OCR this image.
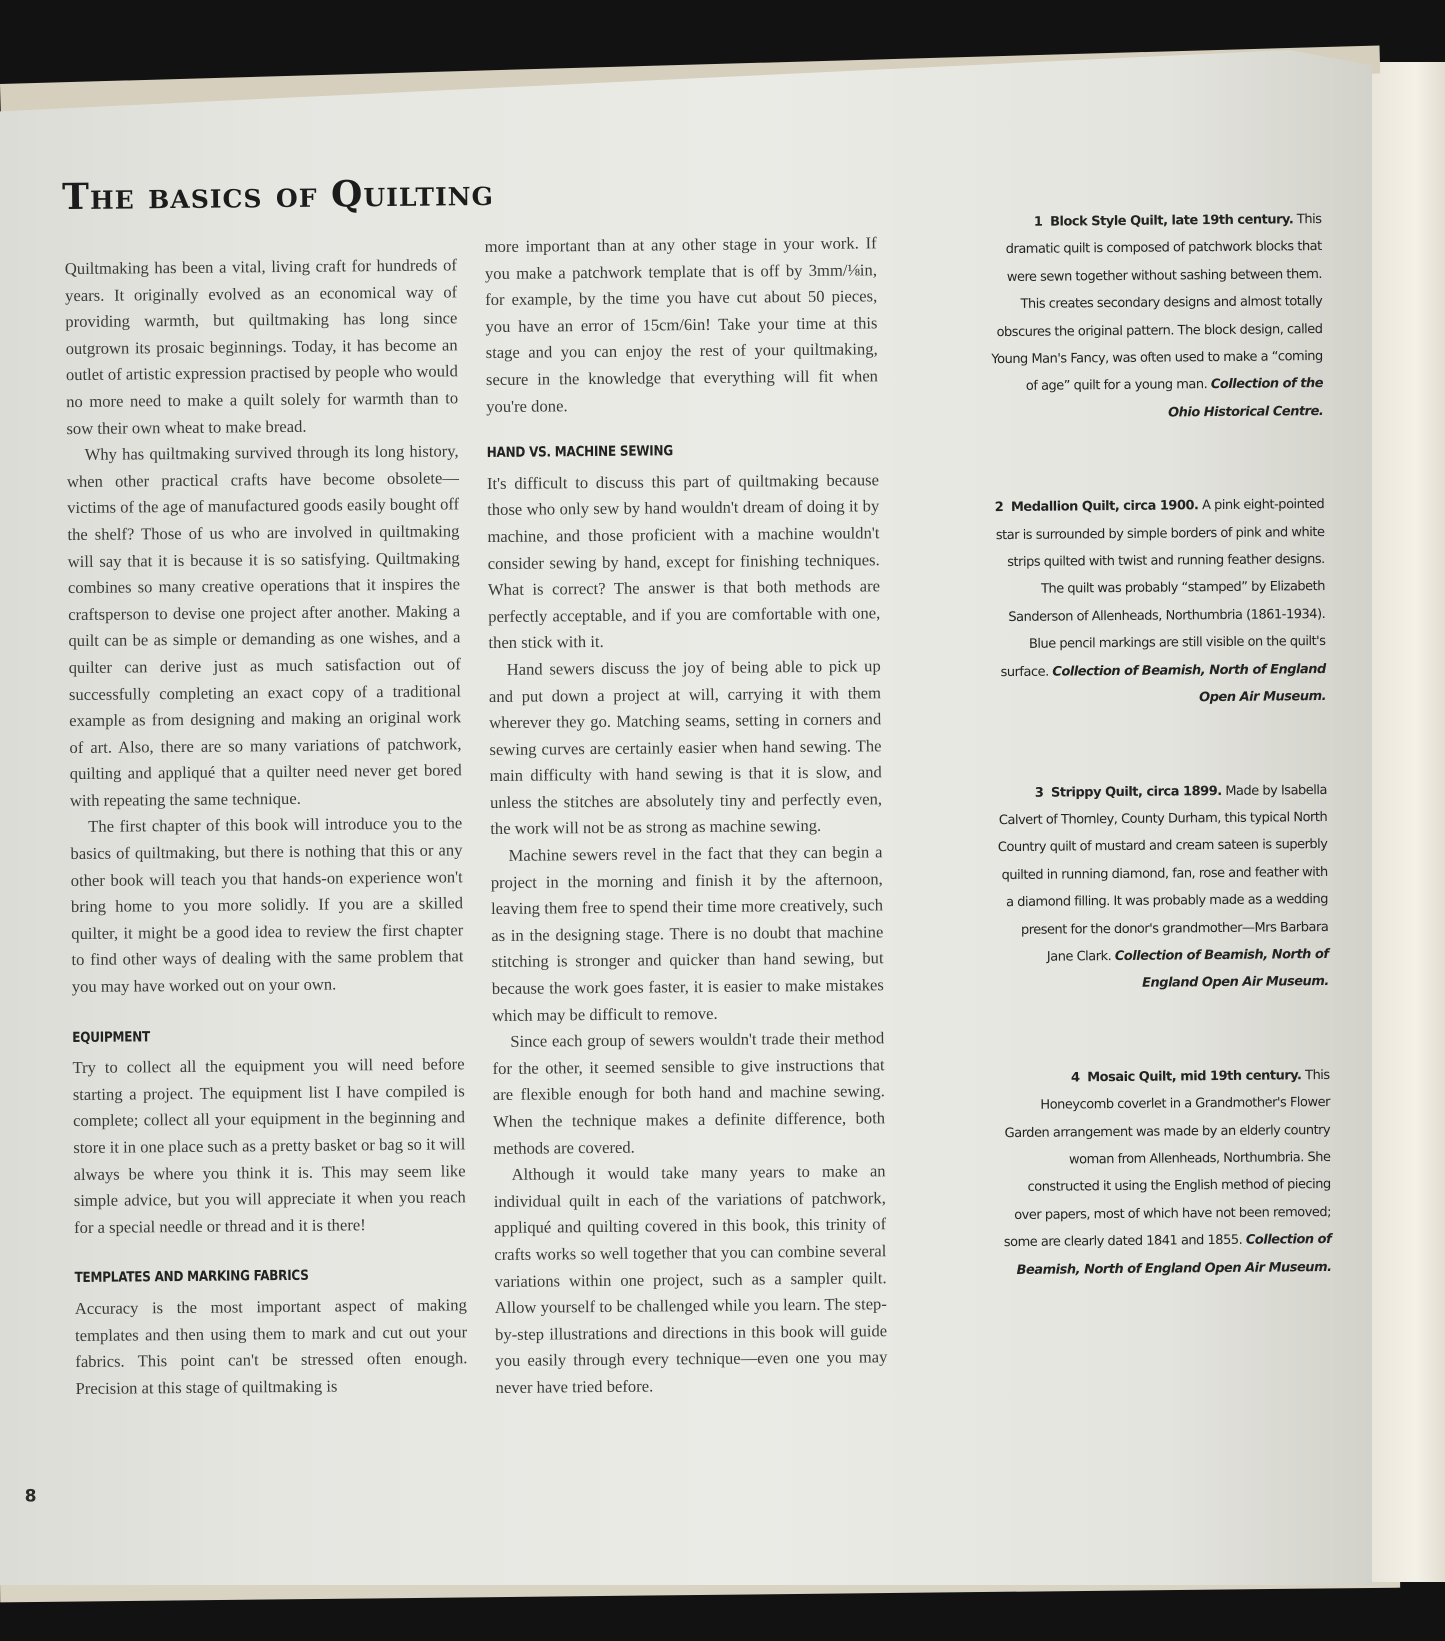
The basics of Quilting

Quiltmaking has been a vital, living craft for hundreds of years. It originally evolved as an economical way of providing warmth, but quiltmaking has long since outgrown its prosaic beginnings. Today, it has become an outlet of artistic expression practised by people who would no more need to make a quilt solely for warmth than to sow their own wheat to make bread.

Why has quiltmaking survived through its long history, when other practical crafts have become obsolete—victims of the age of manufactured goods easily bought off the shelf? Those of us who are involved in quiltmaking will say that it is because it is so satisfying. Quiltmaking combines so many creative operations that it inspires the craftsperson to devise one project after another. Making a quilt can be as simple or demanding as one wishes, and a quilter can derive just as much satisfaction out of successfully completing an exact copy of a traditional example as from designing and making an original work of art. Also, there are so many variations of patchwork, quilting and appliqué that a quilter need never get bored with repeating the same technique.

The first chapter of this book will introduce you to the basics of quiltmaking, but there is nothing that this or any other book will teach you that hands-on experience won't bring home to you more solidly. If you are a skilled quilter, it might be a good idea to review the first chapter to find other ways of dealing with the same problem that you may have worked out on your own.

EQUIPMENT

Try to collect all the equipment you will need before starting a project. The equipment list I have compiled is complete; collect all your equipment in the beginning and store it in one place such as a pretty basket or bag so it will always be where you think it is. This may seem like simple advice, but you will appreciate it when you reach for a special needle or thread and it is there!

TEMPLATES AND MARKING FABRICS

Accuracy is the most important aspect of making templates and then using them to mark and cut out your fabrics. This point can't be stressed often enough. Precision at this stage of quiltmaking is

more important than at any other stage in your work. If you make a patchwork template that is off by 3mm/⅛in, for example, by the time you have cut about 50 pieces, you have an error of 15cm/6in! Take your time at this stage and you can enjoy the rest of your quiltmaking, secure in the knowledge that everything will fit when you're done.

HAND VS. MACHINE SEWING

It's difficult to discuss this part of quiltmaking because those who only sew by hand wouldn't dream of doing it by machine, and those proficient with a machine wouldn't consider sewing by hand, except for finishing techniques. What is correct? The answer is that both methods are perfectly acceptable, and if you are comfortable with one, then stick with it.

Hand sewers discuss the joy of being able to pick up and put down a project at will, carrying it with them wherever they go. Matching seams, setting in corners and sewing curves are certainly easier when hand sewing. The main difficulty with hand sewing is that it is slow, and unless the stitches are absolutely tiny and perfectly even, the work will not be as strong as machine sewing.

Machine sewers revel in the fact that they can begin a project in the morning and finish it by the afternoon, leaving them free to spend their time more creatively, such as in the designing stage. There is no doubt that machine stitching is stronger and quicker than hand sewing, but because the work goes faster, it is easier to make mistakes which may be difficult to remove.

Since each group of sewers wouldn't trade their method for the other, it seemed sensible to give instructions that are flexible enough for both hand and machine sewing. When the technique makes a definite difference, both methods are covered.

Although it would take many years to make an individual quilt in each of the variations of patchwork, appliqué and quilting covered in this book, this trinity of crafts works so well together that you can combine several variations within one project, such as a sampler quilt. Allow yourself to be challenged while you learn. The step-by-step illustrations and directions in this book will guide you easily through every technique—even one you may never have tried before.

1 Block Style Quilt, late 19th century. This dramatic quilt is composed of patchwork blocks that were sewn together without sashing between them. This creates secondary designs and almost totally obscures the original pattern. The block design, called Young Man's Fancy, was often used to make a “coming of age” quilt for a young man. Collection of the Ohio Historical Centre.

2 Medallion Quilt, circa 1900. A pink eight-pointed star is surrounded by simple borders of pink and white strips quilted with twist and running feather designs. The quilt was probably “stamped” by Elizabeth Sanderson of Allenheads, Northumbria (1861-1934). Blue pencil markings are still visible on the quilt's surface. Collection of Beamish, North of England Open Air Museum.

3 Strippy Quilt, circa 1899. Made by Isabella Calvert of Thornley, County Durham, this typical North Country quilt of mustard and cream sateen is superbly quilted in running diamond, fan, rose and feather with a diamond filling. It was probably made as a wedding present for the donor's grandmother—Mrs Barbara Jane Clark. Collection of Beamish, North of England Open Air Museum.

4 Mosaic Quilt, mid 19th century. This Honeycomb coverlet in a Grandmother's Flower Garden arrangement was made by an elderly country woman from Allenheads, Northumbria. She constructed it using the English method of piecing over papers, most of which have not been removed; some are clearly dated 1841 and 1855. Collection of Beamish, North of England Open Air Museum.

8
